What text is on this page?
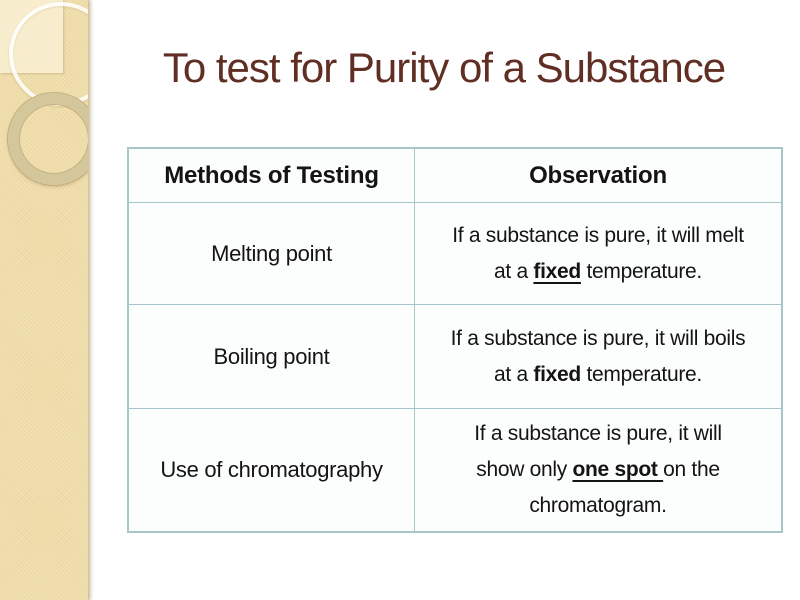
To test for Purity of a Substance
Methods of Testing	Observation
Melting point
If a substance is pure, it will melt
at a fixed temperature.
Boiling point
If a substance is pure, it will boils
at a fixed temperature.
Use of chromatography
If a substance is pure, it will
show only one spot on the
chromatogram.
